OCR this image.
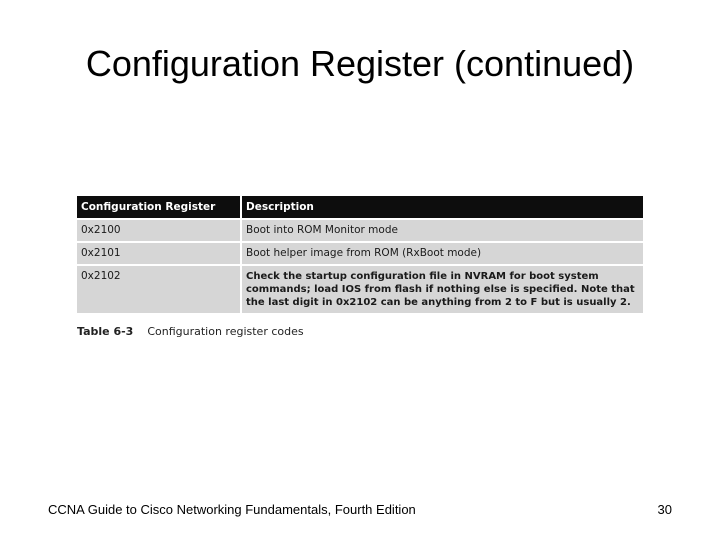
Configuration Register (continued)
Configuration Register	Description
0x2100	Boot into ROM Monitor mode
0x2101	Boot helper image from ROM (RxBoot mode)
0x2102	Check the startup configuration file in NVRAM for boot system commands; load IOS from flash if nothing else is specified. Note that the last digit in 0x2102 can be anything from 2 to F but is usually 2.
Table 6-3 Configuration register codes
CCNA Guide to Cisco Networking Fundamentals, Fourth Edition	30
